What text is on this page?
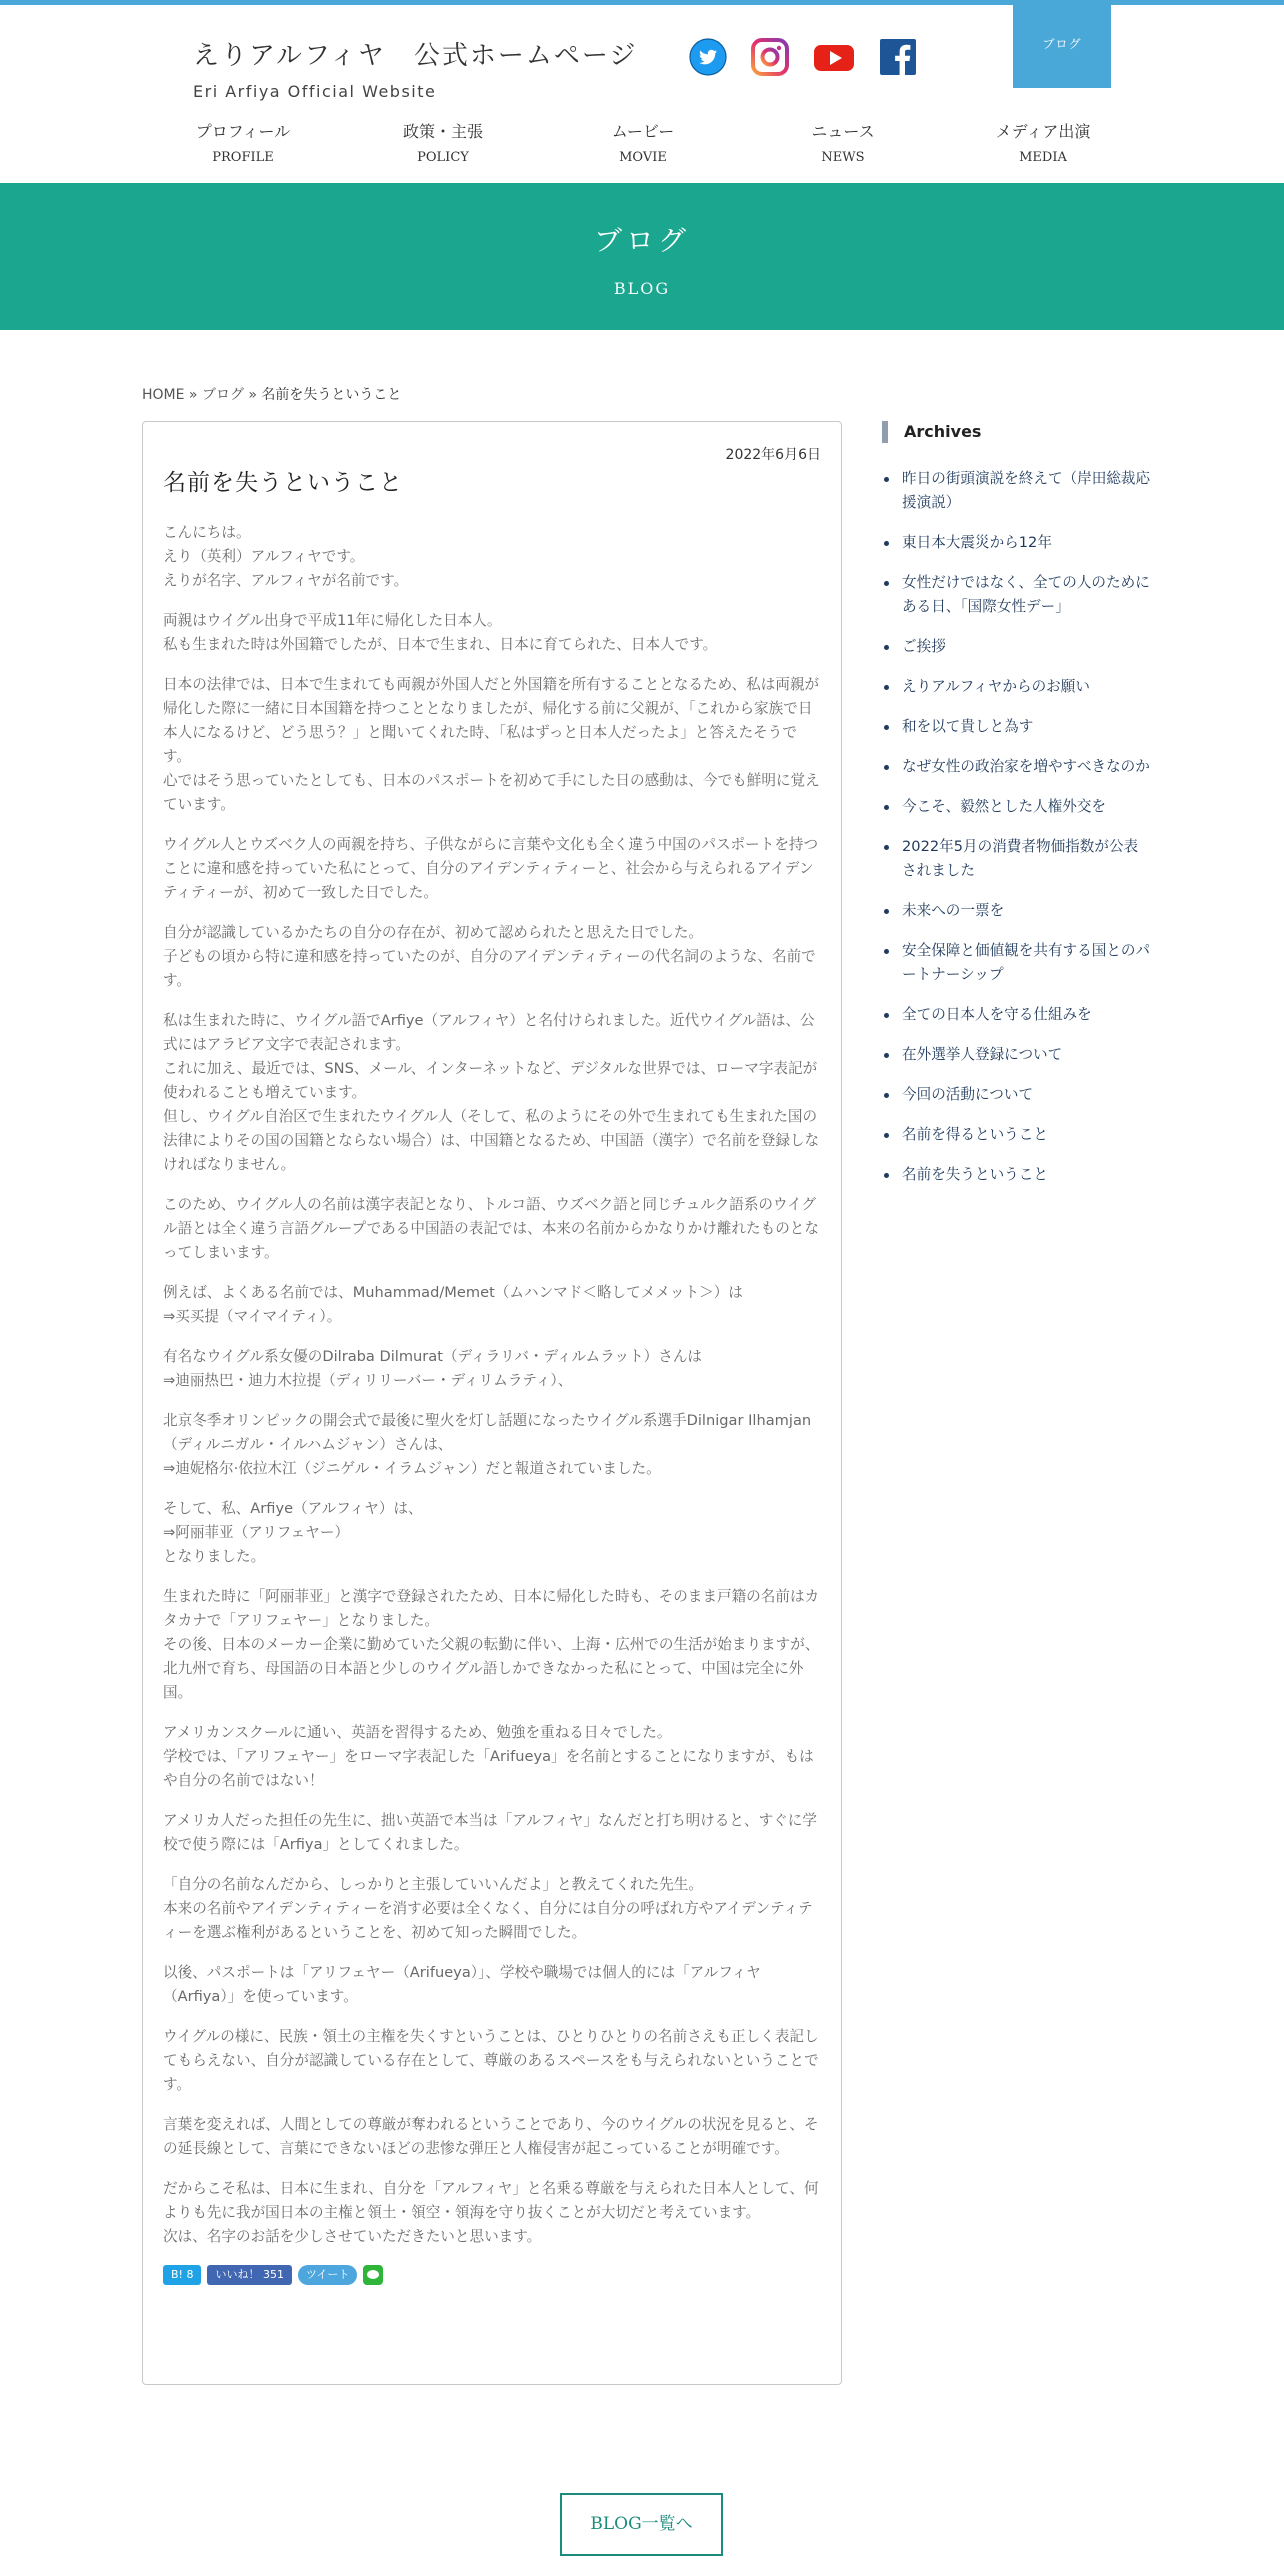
えりアルフィヤ　公式ホームページ
Eri Arfiya Official Website
ブログ
プロフィール
PROFILE
政策・主張
POLICY
ムービー
MOVIE
ニュース
NEWS
メディア出演
MEDIA
ブログ
BLOG
HOME » ブログ » 名前を失うということ
2022年6月6日
名前を失うということ

こんにちは。
えり（英利）アルフィヤです。
えりが名字、アルフィヤが名前です。

両親はウイグル出身で平成11年に帰化した日本人。
私も生まれた時は外国籍でしたが、日本で生まれ、日本に育てられた、日本人です。

日本の法律では、日本で生まれても両親が外国人だと外国籍を所有することとなるため、私は両親が帰化した際に一緒に日本国籍を持つこととなりましたが、帰化する前に父親が、「これから家族で日本人になるけど、どう思う？」と聞いてくれた時、「私はずっと日本人だったよ」と答えたそうです。
心ではそう思っていたとしても、日本のパスポートを初めて手にした日の感動は、今でも鮮明に覚えています。

ウイグル人とウズベク人の両親を持ち、子供ながらに言葉や文化も全く違う中国のパスポートを持つことに違和感を持っていた私にとって、自分のアイデンティティーと、社会から与えられるアイデンティティーが、初めて一致した日でした。

自分が認識しているかたちの自分の存在が、初めて認められたと思えた日でした。
子どもの頃から特に違和感を持っていたのが、自分のアイデンティティーの代名詞のような、名前です。

私は生まれた時に、ウイグル語でArfiye（アルフィヤ）と名付けられました。近代ウイグル語は、公式にはアラビア文字で表記されます。
これに加え、最近では、SNS、メール、インターネットなど、デジタルな世界では、ローマ字表記が使われることも増えています。
但し、ウイグル自治区で生まれたウイグル人（そして、私のようにその外で生まれても生まれた国の法律によりその国の国籍とならない場合）は、中国籍となるため、中国語（漢字）で名前を登録しなければなりません。

このため、ウイグル人の名前は漢字表記となり、トルコ語、ウズベク語と同じチュルク語系のウイグル語とは全く違う言語グループである中国語の表記では、本来の名前からかなりかけ離れたものとなってしまいます。

例えば、よくある名前では、Muhammad/Memet（ムハンマド＜略してメメット＞）は
⇒买买提（マイマイティ）。

有名なウイグル系女優のDilraba Dilmurat（ディラリバ・ディルムラット）さんは
⇒迪丽热巴・迪力木拉提（ディリリーバー・ディリムラティ）、

北京冬季オリンピックの開会式で最後に聖火を灯し話題になったウイグル系選手Dilnigar Ilhamjan（ディルニガル・イルハムジャン）さんは、
⇒迪妮格尔·依拉木江（ジニゲル・イラムジャン）だと報道されていました。

そして、私、Arfiye（アルフィヤ）は、
⇒阿丽菲亚（アリフェヤー）
となりました。

生まれた時に「阿丽菲亚」と漢字で登録されたため、日本に帰化した時も、そのまま戸籍の名前はカタカナで「アリフェヤー」となりました。
その後、日本のメーカー企業に勤めていた父親の転勤に伴い、上海・広州での生活が始まりますが、北九州で育ち、母国語の日本語と少しのウイグル語しかできなかった私にとって、中国は完全に外国。

アメリカンスクールに通い、英語を習得するため、勉強を重ねる日々でした。
学校では、「アリフェヤー」をローマ字表記した「Arifueya」を名前とすることになりますが、もはや自分の名前ではない！

アメリカ人だった担任の先生に、拙い英語で本当は「アルフィヤ」なんだと打ち明けると、すぐに学校で使う際には「Arfiya」としてくれました。

「自分の名前なんだから、しっかりと主張していいんだよ」と教えてくれた先生。
本来の名前やアイデンティティーを消す必要は全くなく、自分には自分の呼ばれ方やアイデンティティーを選ぶ権利があるということを、初めて知った瞬間でした。

以後、パスポートは「アリフェヤー（Arifueya）」、学校や職場では個人的には「アルフィヤ（Arfiya）」を使っています。

ウイグルの様に、民族・領土の主権を失くすということは、ひとりひとりの名前さえも正しく表記してもらえない、自分が認識している存在として、尊厳のあるスペースをも与えられないということです。

言葉を変えれば、人間としての尊厳が奪われるということであり、今のウイグルの状況を見ると、その延長線として、言葉にできないほどの悲惨な弾圧と人権侵害が起こっていることが明確です。

だからこそ私は、日本に生まれ、自分を「アルフィヤ」と名乗る尊厳を与えられた日本人として、何よりも先に我が国日本の主権と領土・領空・領海を守り抜くことが大切だと考えています。
次は、名字のお話を少しさせていただきたいと思います。

B! 8	いいね！ 351	ツイート
Archives
昨日の街頭演説を終えて（岸田総裁応援演説）
東日本大震災から12年
女性だけではなく、全ての人のためにある日、「国際女性デー」
ご挨拶
えりアルフィヤからのお願い
和を以て貴しと為す
なぜ女性の政治家を増やすべきなのか
今こそ、毅然とした人権外交を
2022年5月の消費者物価指数が公表されました
未来への一票を
安全保障と価値観を共有する国とのパートナーシップ
全ての日本人を守る仕組みを
在外選挙人登録について
今回の活動について
名前を得るということ
名前を失うということ
BLOG一覧へ
